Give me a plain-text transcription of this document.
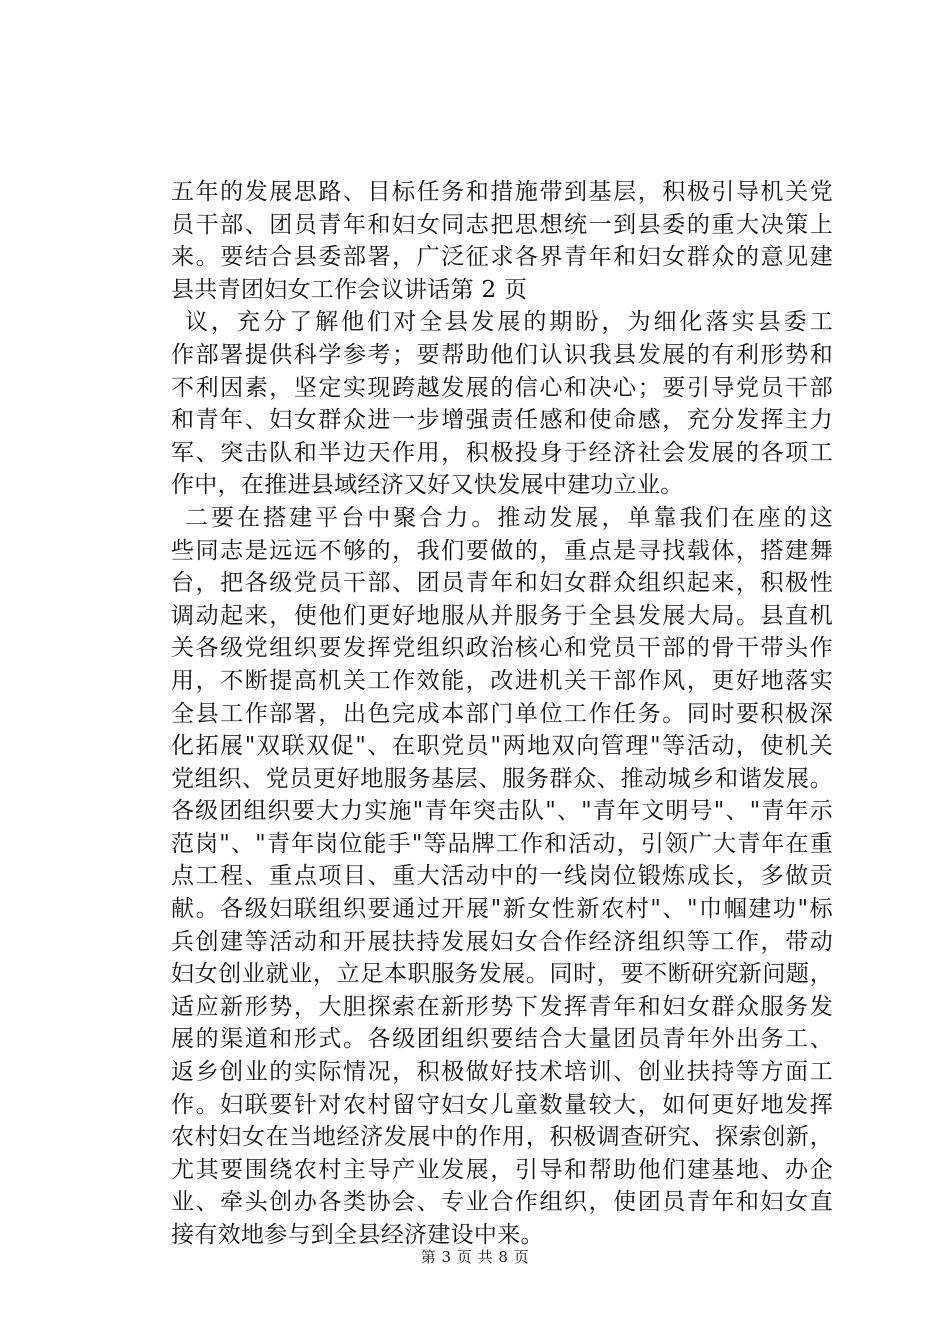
五年的发展思路、目标任务和措施带到基层，积极引导机关党
员干部、团员青年和妇女同志把思想统一到县委的重大决策上
来。要结合县委部署，广泛征求各界青年和妇女群众的意见建
县共青团妇女工作会议讲话第 2 页
议，充分了解他们对全县发展的期盼，为细化落实县委工
作部署提供科学参考；要帮助他们认识我县发展的有利形势和
不利因素，坚定实现跨越发展的信心和决心；要引导党员干部
和青年、妇女群众进一步增强责任感和使命感，充分发挥主力
军、突击队和半边天作用，积极投身于经济社会发展的各项工
作中，在推进县域经济又好又快发展中建功立业。
二要在搭建平台中聚合力。推动发展，单靠我们在座的这
些同志是远远不够的，我们要做的，重点是寻找载体，搭建舞
台，把各级党员干部、团员青年和妇女群众组织起来，积极性
调动起来，使他们更好地服从并服务于全县发展大局。县直机
关各级党组织要发挥党组织政治核心和党员干部的骨干带头作
用，不断提高机关工作效能，改进机关干部作风，更好地落实
全县工作部署，出色完成本部门单位工作任务。同时要积极深
化拓展"双联双促"、在职党员"两地双向管理"等活动，使机关
党组织、党员更好地服务基层、服务群众、推动城乡和谐发展。
各级团组织要大力实施"青年突击队"、"青年文明号"、"青年示
范岗"、"青年岗位能手"等品牌工作和活动，引领广大青年在重
点工程、重点项目、重大活动中的一线岗位锻炼成长，多做贡
献。各级妇联组织要通过开展"新女性新农村"、"巾帼建功"标
兵创建等活动和开展扶持发展妇女合作经济组织等工作，带动
妇女创业就业，立足本职服务发展。同时，要不断研究新问题，
适应新形势，大胆探索在新形势下发挥青年和妇女群众服务发
展的渠道和形式。各级团组织要结合大量团员青年外出务工、
返乡创业的实际情况，积极做好技术培训、创业扶持等方面工
作。妇联要针对农村留守妇女儿童数量较大，如何更好地发挥
农村妇女在当地经济发展中的作用，积极调查研究、探索创新，
尤其要围绕农村主导产业发展，引导和帮助他们建基地、办企
业、牵头创办各类协会、专业合作组织，使团员青年和妇女直
接有效地参与到全县经济建设中来。
第 3 页 共 8 页
